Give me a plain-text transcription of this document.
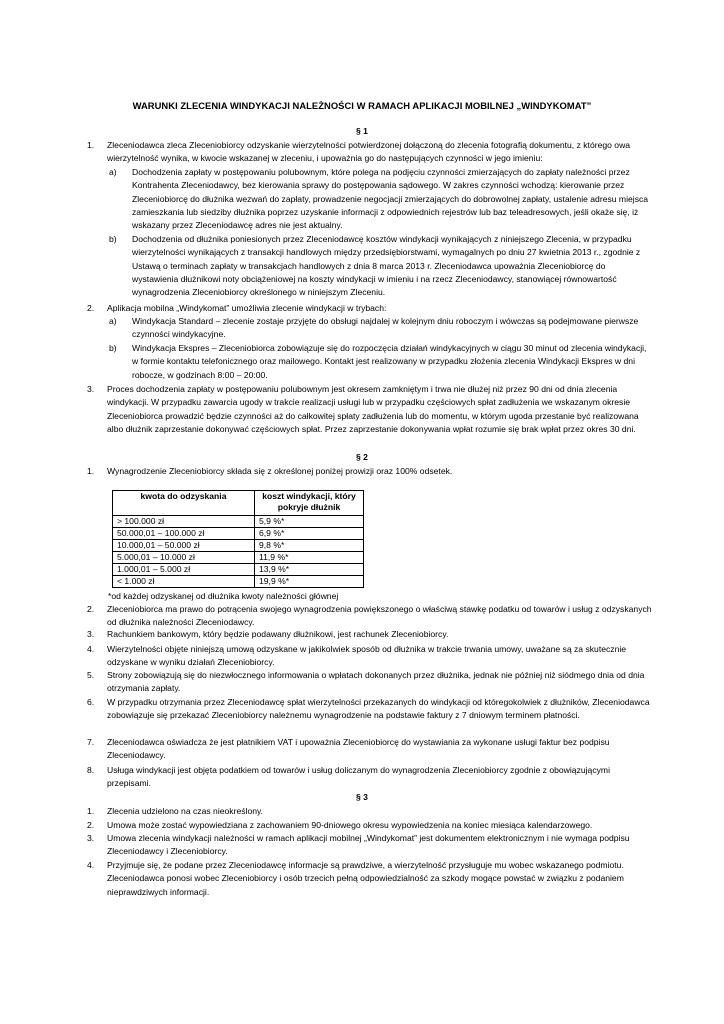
WARUNKI ZLECENIA WINDYKACJI NALEŻNOŚCI W RAMACH APLIKACJI MOBILNEJ „WINDYKOMAT”
§ 1
1. Zleceniodawca zleca Zleceniobiorcy odzyskanie wierzytelności potwierdzonej dołączoną do zlecenia fotografią dokumentu, z którego owa wierzytelność wynika, w kwocie wskazanej w zleceniu, i upoważnia go do następujących czynności w jego imieniu:
a) Dochodzenia zapłaty w postępowaniu polubownym, które polega na podjęciu czynności zmierzających do zapłaty należności przez Kontrahenta Zleceniodawcy, bez kierowania sprawy do postępowania sądowego. W zakres czynności wchodzą: kierowanie przez Zleceniobiorcę do dłużnika wezwań do zapłaty, prowadzenie negocjacji zmierzających do dobrowolnej zapłaty, ustalenie adresu miejsca zamieszkania lub siedziby dłużnika poprzez uzyskanie informacji z odpowiednich rejestrów lub baz teleadresowych, jeśli okaże się, iż wskazany przez Zleceniodawcę adres nie jest aktualny.
b) Dochodzenia od dłużnika poniesionych przez Zleceniodawcę kosztów windykacji wynikających z niniejszego Zlecenia, w przypadku wierzytelności wynikających z transakcji handlowych między przedsiębiorstwami, wymagalnych po dniu 27 kwietnia 2013 r., zgodnie z Ustawą o terminach zapłaty w transakcjach handlowych z dnia 8 marca 2013 r. Zleceniodawca upoważnia Zleceniobiorcę do wystawienia dłużnikowi noty obciążeniowej na koszty windykacji w imieniu i na rzecz Zleceniodawcy, stanowiącej równowartość wynagrodzenia Zleceniobiorcy określonego w niniejszym Zleceniu.
2. Aplikacja mobilna „Windykomat” umożliwia zlecenie windykacji w trybach:
a) Windykacja Standard – zlecenie zostaje przyjęte do obsługi najdalej w kolejnym dniu roboczym i wówczas są podejmowane pierwsze czynności windykacyjne.
b) Windykacja Ekspres – Zleceniobiorca zobowiązuje się do rozpoczęcia działań windykacyjnych w ciągu 30 minut od zlecenia windykacji, w formie kontaktu telefonicznego oraz mailowego. Kontakt jest realizowany w przypadku złożenia zlecenia Windykacji Ekspres w dni robocze, w godzinach 8:00 – 20:00.
3. Proces dochodzenia zapłaty w postępowaniu polubownym jest okresem zamkniętym i trwa nie dłużej niż przez 90 dni od dnia zlecenia windykacji. W przypadku zawarcia ugody w trakcie realizacji usługi lub w przypadku częściowych spłat zadłużenia we wskazanym okresie Zleceniobiorca prowadzić będzie czynności aż do całkowitej spłaty zadłużenia lub do momentu, w którym ugoda przestanie być realizowana albo dłużnik zaprzestanie dokonywać częściowych spłat. Przez zaprzestanie dokonywania wpłat rozumie się brak wpłat przez okres 30 dni.
§ 2
1. Wynagrodzenie Zleceniobiorcy składa się z określonej poniżej prowizji oraz 100% odsetek.
kwota do odzyskania	koszt windykacji, który pokryje dłużnik
> 100.000 zł	5,9 %*
50.000,01 – 100.000 zł	6,9 %*
10.000,01 – 50.000 zł	9,8 %*
5.000,01 – 10.000 zł	11,9 %*
1.000,01 – 5.000 zł	13,9 %*
< 1.000 zł	19,9 %*
*od każdej odzyskanej od dłużnika kwoty należności głównej
2. Zleceniobiorca ma prawo do potrącenia swojego wynagrodzenia powiększonego o właściwą stawkę podatku od towarów i usług z odzyskanych od dłużnika należności Zleceniodawcy.
3. Rachunkiem bankowym, który będzie podawany dłużnikowi, jest rachunek Zleceniobiorcy.
4. Wierzytelności objęte niniejszą umową odzyskane w jakikolwiek sposób od dłużnika w trakcie trwania umowy, uważane są za skutecznie odzyskane w wyniku działań Zleceniobiorcy.
5. Strony zobowiązują się do niezwłocznego informowania o wpłatach dokonanych przez dłużnika, jednak nie później niż siódmego dnia od dnia otrzymania zapłaty.
6. W przypadku otrzymania przez Zleceniodawcę spłat wierzytelności przekazanych do windykacji od któregokolwiek z dłużników, Zleceniodawca zobowiązuje się przekazać Zleceniobiorcy należnemu wynagrodzenie na podstawie faktury z 7 dniowym terminem płatności.
7. Zleceniodawca oświadcza że jest płatnikiem VAT i upoważnia Zleceniobiorcę do wystawiania za wykonane usługi faktur bez podpisu Zleceniodawcy.
8. Usługa windykacji jest objęta podatkiem od towarów i usług doliczanym do wynagrodzenia Zleceniobiorcy zgodnie z obowiązującymi przepisami.
§ 3
1. Zlecenia udzielono na czas nieokreślony.
2. Umowa może zostać wypowiedziana z zachowaniem 90-dniowego okresu wypowiedzenia na koniec miesiąca kalendarzowego.
3. Umowa zlecenia windykacji należności w ramach aplikacji mobilnej „Windykomat” jest dokumentem elektronicznym i nie wymaga podpisu Zleceniodawcy i Zleceniobiorcy.
4. Przyjmuje się, że podane przez Zleceniodawcę informacje są prawdziwe, a wierzytelność przysługuje mu wobec wskazanego podmiotu. Zleceniodawca ponosi wobec Zleceniobiorcy i osób trzecich pełną odpowiedzialność za szkody mogące powstać w związku z podaniem nieprawdziwych informacji.
